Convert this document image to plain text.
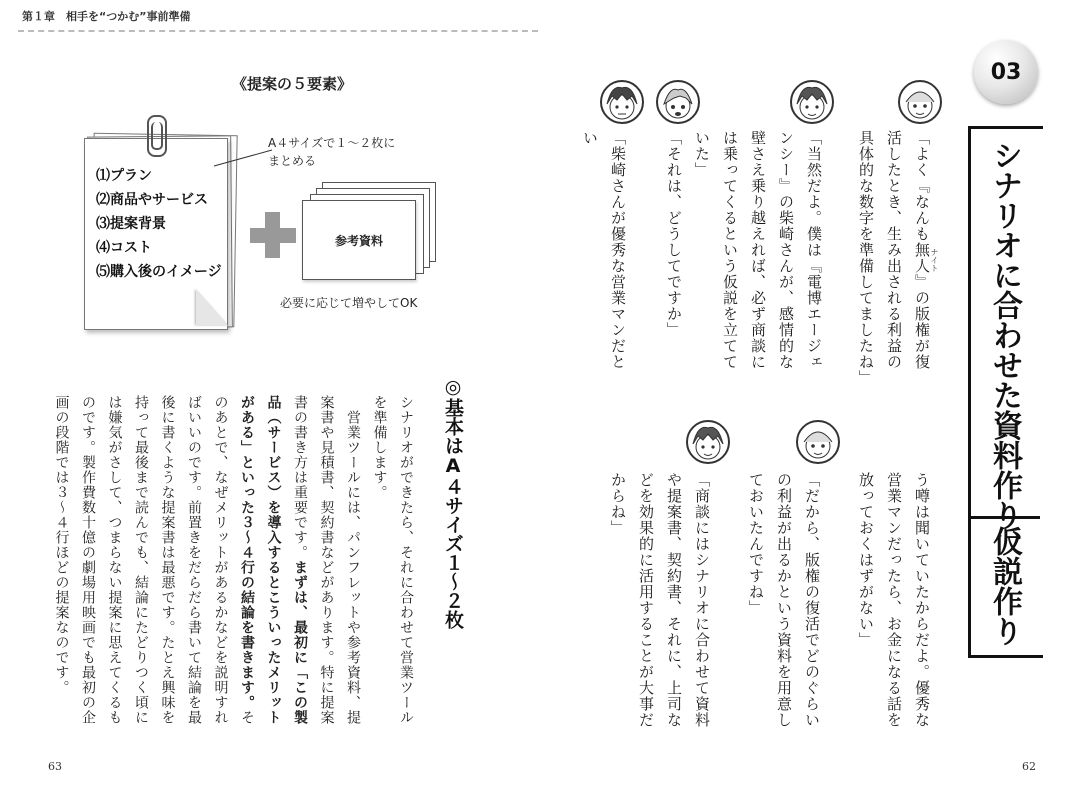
第１章　相手を“つかむ”事前準備
《提案の５要素》
⑴プラン
⑵商品やサービス
⑶提案背景
⑷コスト
⑸購入後のイメージ
A４サイズで１～２枚に
まとめる
参考資料
必要に応じて増やしてOK
◎基本はA４サイズ１～２枚
シナリオができたら、それに合わせて営業ツールを準備します。
　営業ツールには、パンフレットや参考資料、提案書や見積書、契約書などがあります。特に提案書の書き方は重要です。まずは、最初に「この製品（サービス）を導入するとこういったメリットがある」といった３～４行の結論を書きます。そのあとで、なぜメリットがあるかなどを説明すればいいのです。前置きをだらだら書いて結論を最後に書くような提案書は最悪です。たとえ興味を持って最後まで読んでも、結論にたどりつく頃には嫌気がさして、つまらない提案に思えてくるものです。製作費数十億の劇場用映画でも最初の企画の段階では３～４行ほどの提案なのです。
63
03
シナリオに合わせた資料作り、
仮説作り
「よく『なんも無人』の版権が復活したとき、生み出される利益の具体的な数字を準備してましたね」	ナイト
「当然だよ。僕は『電博エージェンシー』の柴崎さんが、感情的な壁さえ乗り越えれば、必ず商談には乗ってくるという仮説を立てていた」
「それは、どうしてですか」
「柴崎さんが優秀な営業マンだとい
う噂は聞いていたからだよ。優秀な営業マンだったら、お金になる話を放っておくはずがない」
「だから、版権の復活でどのぐらいの利益が出るかという資料を用意しておいたんですね」
「商談にはシナリオに合わせて資料や提案書、契約書、それに、上司などを効果的に活用することが大事だからね」
62
